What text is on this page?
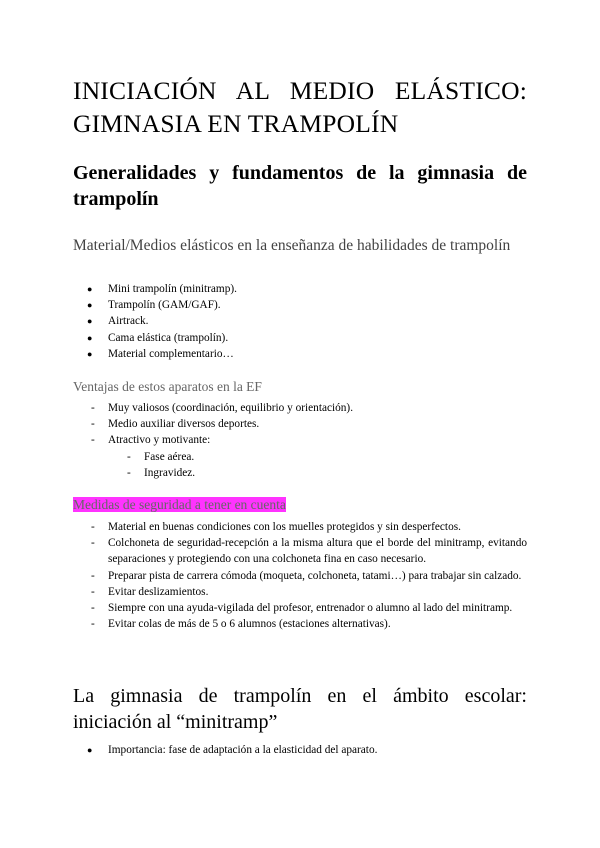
INICIACIÓN AL MEDIO ELÁSTICO: GIMNASIA EN TRAMPOLÍN
Generalidades y fundamentos de la gimnasia de trampolín
Material/Medios elásticos en la enseñanza de habilidades de trampolín
● Mini trampolín (minitramp).
● Trampolín (GAM/GAF).
● Airtrack.
● Cama elástica (trampolín).
● Material complementario…
Ventajas de estos aparatos en la EF
- Muy valiosos (coordinación, equilibrio y orientación).
- Medio auxiliar diversos deportes.
- Atractivo y motivante:
- Fase aérea.
- Ingravidez.
Medidas de seguridad a tener en cuenta
- Material en buenas condiciones con los muelles protegidos y sin desperfectos.
- Colchoneta de seguridad-recepción a la misma altura que el borde del minitramp, evitando separaciones y protegiendo con una colchoneta fina en caso necesario.
- Preparar pista de carrera cómoda (moqueta, colchoneta, tatami…) para trabajar sin calzado.
- Evitar deslizamientos.
- Siempre con una ayuda-vigilada del profesor, entrenador o alumno al lado del minitramp.
- Evitar colas de más de 5 o 6 alumnos (estaciones alternativas).
La gimnasia de trampolín en el ámbito escolar: iniciación al “minitramp”
● Importancia: fase de adaptación a la elasticidad del aparato.
